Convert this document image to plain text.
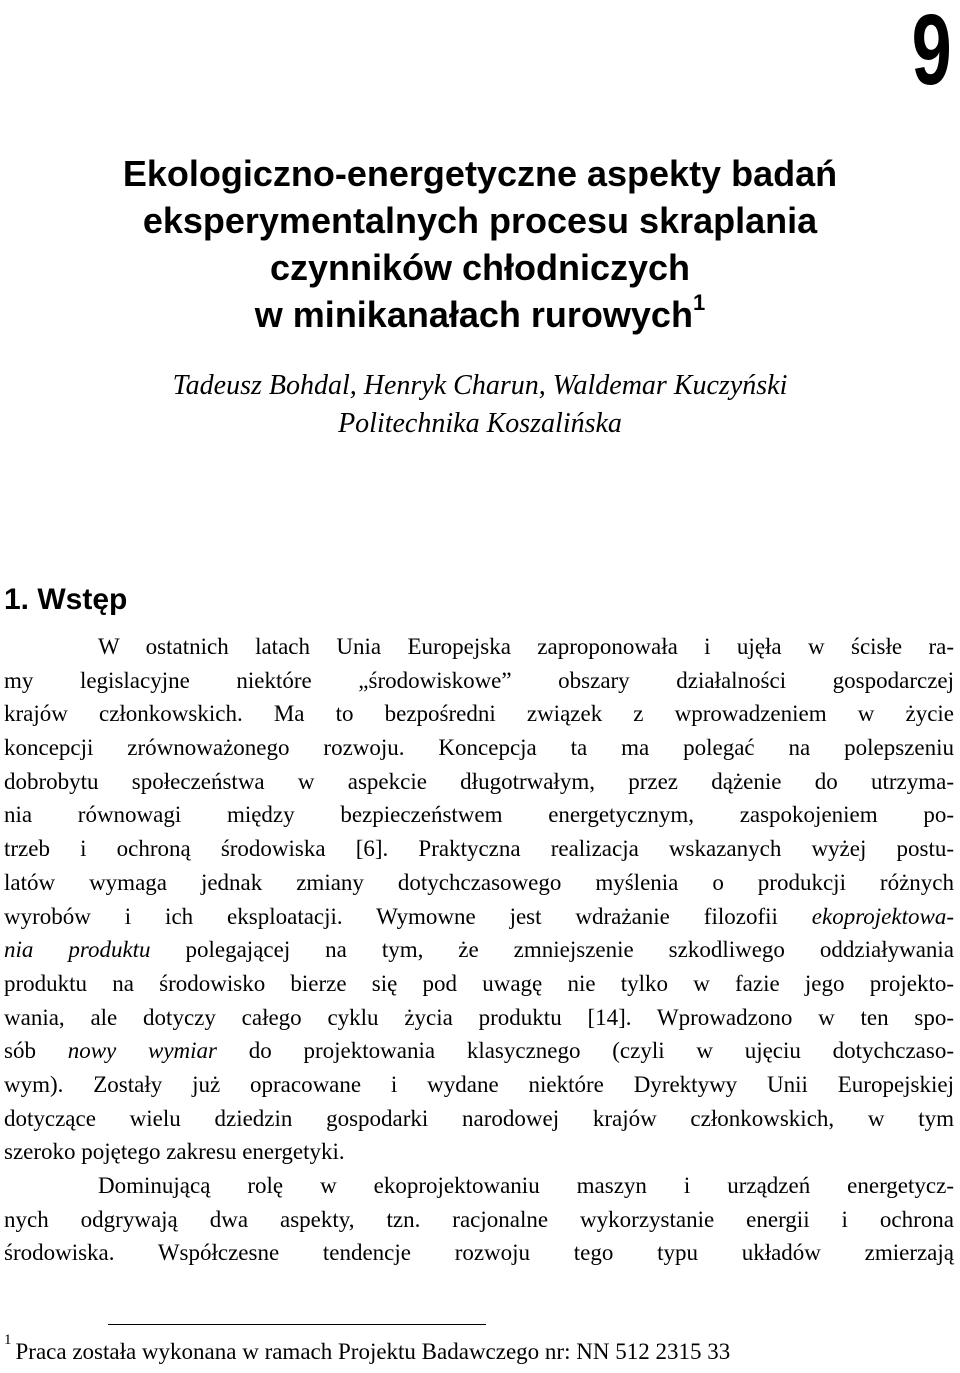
9
Ekologiczno-energetyczne aspekty badań
eksperymentalnych procesu skraplania
czynników chłodniczych
w minikanałach rurowych$^1$
Tadeusz Bohdal, Henryk Charun, Waldemar Kuczyński
Politechnika Koszalińska
1. Wstęp
W ostatnich latach Unia Europejska zaproponowała i ujęła w ścisłe ra-
my legislacyjne niektóre „środowiskowe” obszary działalności gospodarczej
krajów członkowskich. Ma to bezpośredni związek z wprowadzeniem w życie
koncepcji zrównoważonego rozwoju. Koncepcja ta ma polegać na polepszeniu
dobrobytu społeczeństwa w aspekcie długotrwałym, przez dążenie do utrzyma-
nia równowagi między bezpieczeństwem energetycznym, zaspokojeniem po-
trzeb i ochroną środowiska [6]. Praktyczna realizacja wskazanych wyżej postu-
latów wymaga jednak zmiany dotychczasowego myślenia o produkcji różnych
wyrobów i ich eksploatacji. Wymowne jest wdrażanie filozofii ekoprojektowa-
nia produktu polegającej na tym, że zmniejszenie szkodliwego oddziaływania
produktu na środowisko bierze się pod uwagę nie tylko w fazie jego projekto-
wania, ale dotyczy całego cyklu życia produktu [14]. Wprowadzono w ten spo-
sób nowy wymiar do projektowania klasycznego (czyli w ujęciu dotychczaso-
wym). Zostały już opracowane i wydane niektóre Dyrektywy Unii Europejskiej
dotyczące wielu dziedzin gospodarki narodowej krajów członkowskich, w tym
szeroko pojętego zakresu energetyki.
Dominującą rolę w ekoprojektowaniu maszyn i urządzeń energetycz-
nych odgrywają dwa aspekty, tzn. racjonalne wykorzystanie energii i ochrona
środowiska. Współczesne tendencje rozwoju tego typu układów zmierzają
$^1$ Praca została wykonana w ramach Projektu Badawczego nr: NN 512 2315 33
